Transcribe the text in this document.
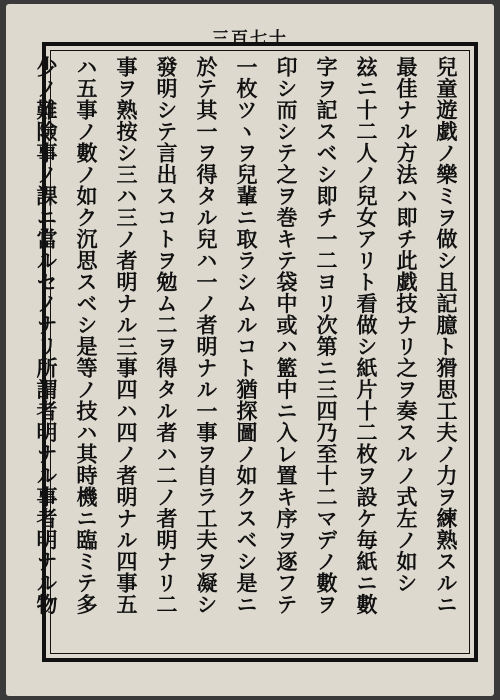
三百七十
兒童遊戯ノ樂ミヲ做シ且記臆ト猾思工夫ノ力ヲ練熟スルニ
最佳ナル方法ハ即チ此戯技ナリ之ヲ奏スルノ式左ノ如シ
玆ニ十二人ノ兒女アリト看做シ紙片十二枚ヲ設ケ毎紙ニ數
字ヲ記スベシ即チ一二ヨリ次第ニ三四乃至十二マデノ數ヲ
印シ而シテ之ヲ巻キテ袋中或ハ籃中ニ入レ置キ序ヲ逐フテ
一枚ツヽヲ兒輩ニ取ラシムルコト猶探圖ノ如クスベシ是ニ
於テ其一ヲ得タル兒ハ一ノ者明ナル一事ヲ自ラ工夫ヲ凝シ
發明シテ言出スコトヲ勉ム二ヲ得タル者ハ二ノ者明ナリ二
事ヲ熟按シ三ハ三ノ者明ナル三事四ハ四ノ者明ナル四事五
ハ五事ノ數ノ如ク沉思スベシ是等ノ技ハ其時機ニ臨ミテ多
少ノ難險事ノ課ニ當ルセノナリ所謂者明ナル事者明ナル物
